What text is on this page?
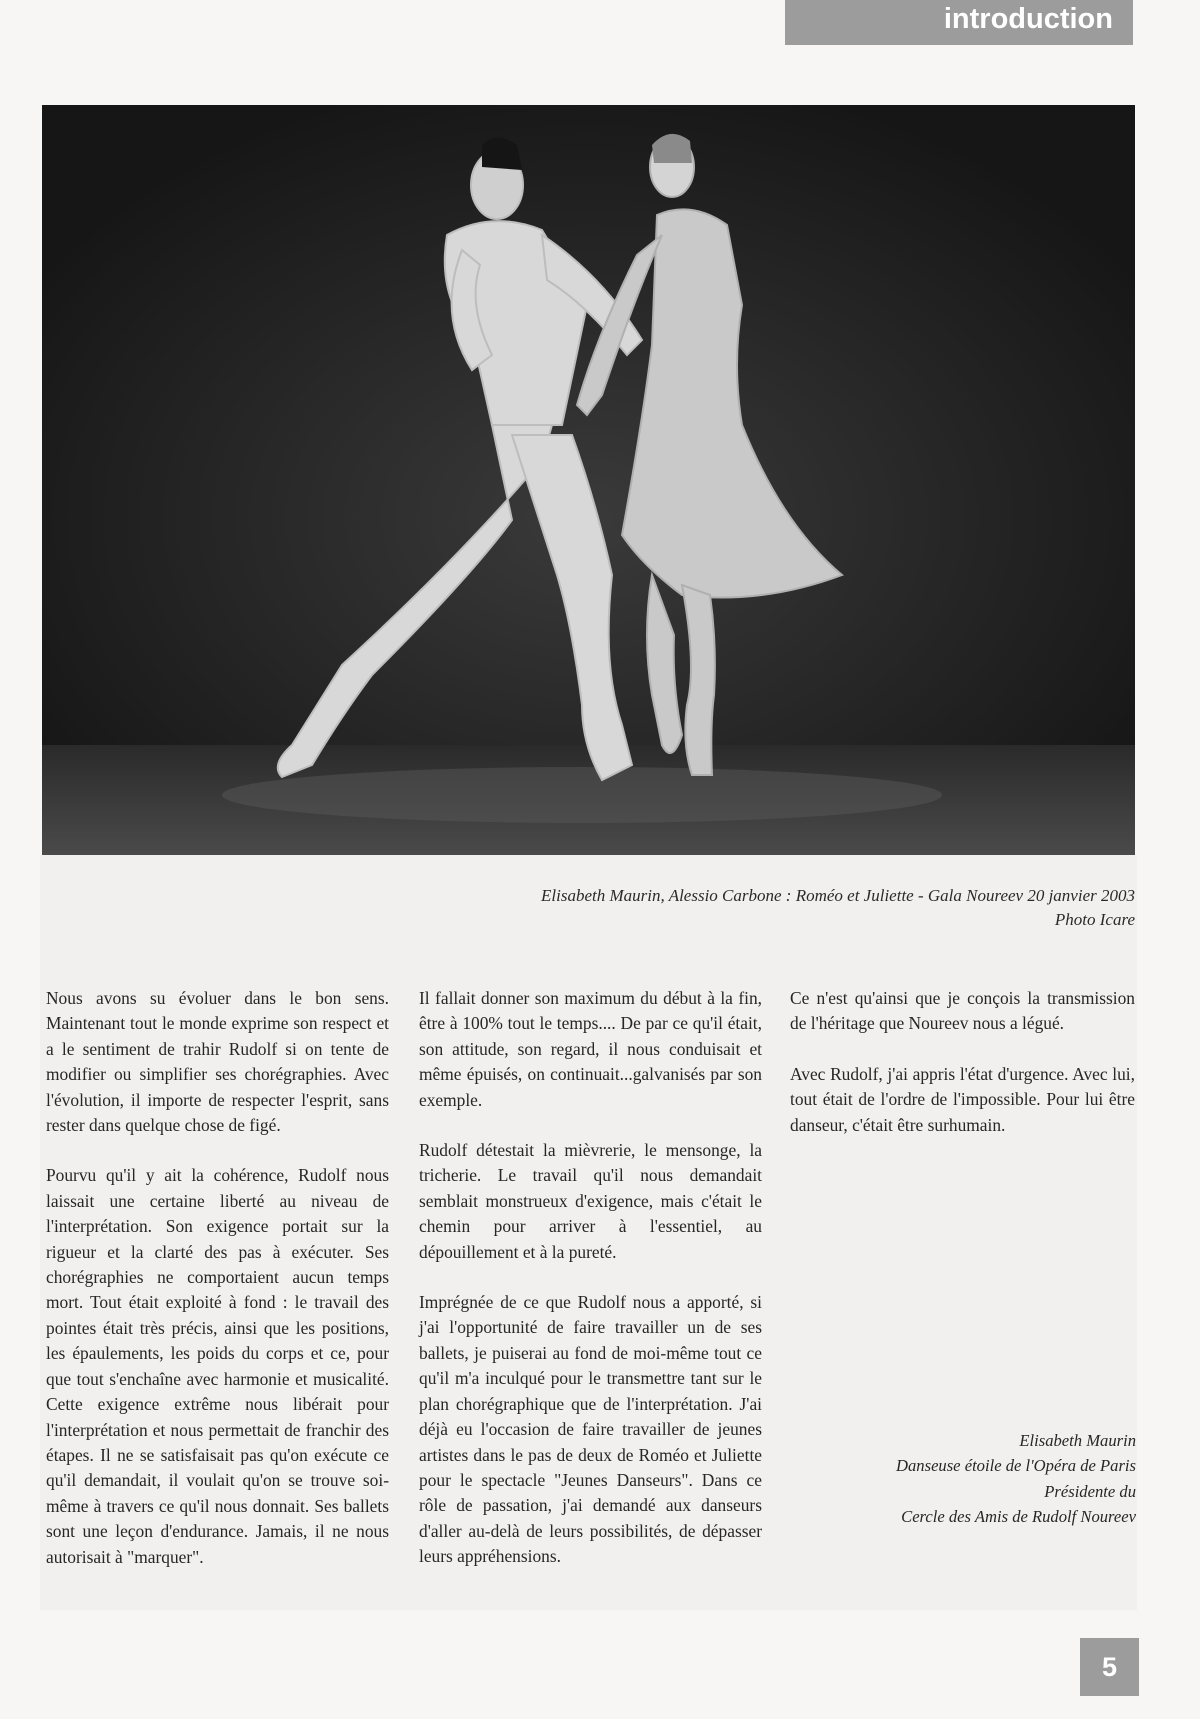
introduction
Elisabeth Maurin, Alessio Carbone : Roméo et Juliette - Gala Noureev 20 janvier 2003
Photo Icare

Nous avons su évoluer dans le bon sens. Maintenant tout le monde exprime son respect et a le sentiment de trahir Rudolf si on tente de modifier ou simplifier ses chorégraphies. Avec l'évolution, il importe de respecter l'esprit, sans rester dans quelque chose de figé.

Pourvu qu'il y ait la cohérence, Rudolf nous laissait une certaine liberté au niveau de l'interprétation. Son exigence portait sur la rigueur et la clarté des pas à exécuter. Ses chorégraphies ne comportaient aucun temps mort. Tout était exploité à fond : le travail des pointes était très précis, ainsi que les positions, les épaulements, les poids du corps et ce, pour que tout s'enchaîne avec harmonie et musicalité. Cette exigence extrême nous libérait pour l'interprétation et nous permettait de franchir des étapes. Il ne se satisfaisait pas qu'on exécute ce qu'il demandait, il voulait qu'on se trouve soi-même à travers ce qu'il nous donnait. Ses ballets sont une leçon d'endurance. Jamais, il ne nous autorisait à "marquer".

Il fallait donner son maximum du début à la fin, être à 100% tout le temps.... De par ce qu'il était, son attitude, son regard, il nous conduisait et même épuisés, on continuait...galvanisés par son exemple.

Rudolf détestait la mièvrerie, le mensonge, la tricherie. Le travail qu'il nous demandait semblait monstrueux d'exigence, mais c'était le chemin pour arriver à l'essentiel, au dépouillement et à la pureté.

Imprégnée de ce que Rudolf nous a apporté, si j'ai l'opportunité de faire travailler un de ses ballets, je puiserai au fond de moi-même tout ce qu'il m'a inculqué pour le transmettre tant sur le plan chorégraphique que de l'interprétation. J'ai déjà eu l'occasion de faire travailler de jeunes artistes dans le pas de deux de Roméo et Juliette pour le spectacle "Jeunes Danseurs". Dans ce rôle de passation, j'ai demandé aux danseurs d'aller au-delà de leurs possibilités, de dépasser leurs appréhensions.

Ce n'est qu'ainsi que je conçois la transmission de l'héritage que Noureev nous a légué.

Avec Rudolf, j'ai appris l'état d'urgence. Avec lui, tout était de l'ordre de l'impossible. Pour lui être danseur, c'était être surhumain.

Elisabeth Maurin
Danseuse étoile de l'Opéra de Paris
Présidente du
Cercle des Amis de Rudolf Noureev
5
